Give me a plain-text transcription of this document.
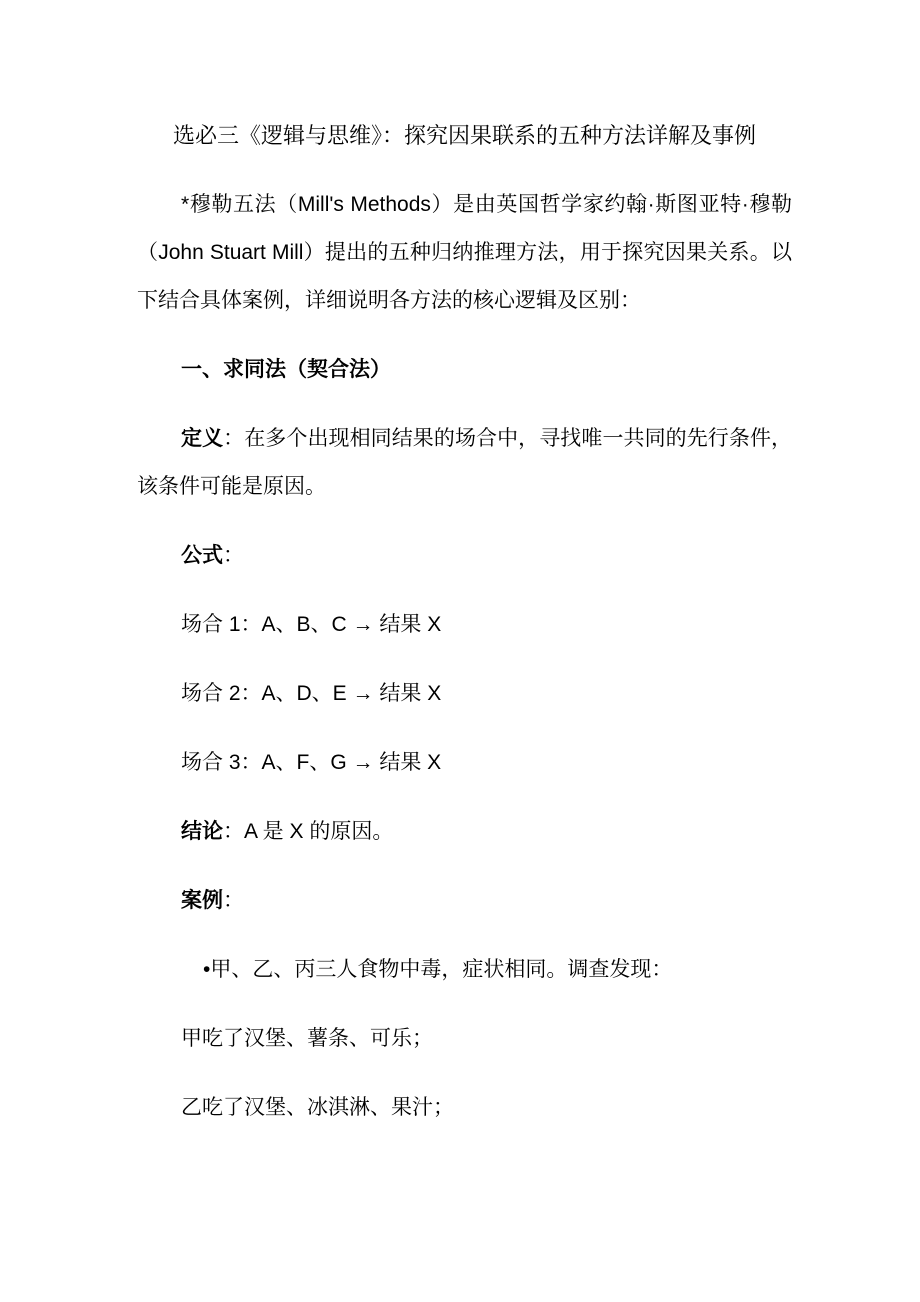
选必三《逻辑与思维》：探究因果联系的五种方法详解及事例

*穆勒五法（Mill's Methods）是由英国哲学家约翰·斯图亚特·穆勒（John Stuart Mill）提出的五种归纳推理方法，用于探究因果关系。以下结合具体案例，详细说明各方法的核心逻辑及区别：

一、求同法（契合法）

定义：在多个出现相同结果的场合中，寻找唯一共同的先行条件，该条件可能是原因。

公式：

场合 1：A、B、C → 结果 X

场合 2：A、D、E → 结果 X

场合 3：A、F、G → 结果 X

结论：A 是 X 的原因。

案例：

•甲、乙、丙三人食物中毒，症状相同。调查发现：

甲吃了汉堡、薯条、可乐；

乙吃了汉堡、冰淇淋、果汁；
